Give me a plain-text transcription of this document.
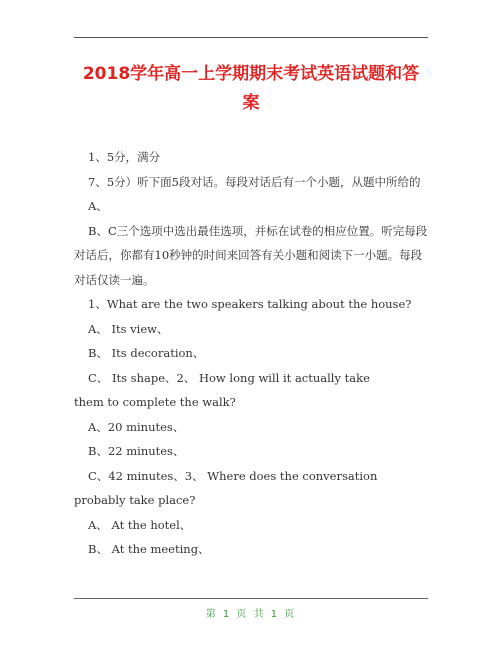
2018学年高一上学期期末考试英语试题和答
案

1、5分，满分

7、5分）听下面5段对话。每段对话后有一个小题，从题中所给的

A、

B、C三个选项中选出最佳选项，并标在试卷的相应位置。听完每段对话后，你都有10秒钟的时间来回答有关小题和阅读下一小题。每段对话仅读一遍。

1、What are the two speakers talking about the house?

A、 Its view、

B、 Its decoration、

C、 Its shape、2、 How long will it actually take

them to complete the walk?

A、20 minutes、

B、22 minutes、

C、42 minutes、3、 Where does the conversation

probably take place?

A、 At the hotel、

B、 At the meeting、

第 1 页 共 1 页
